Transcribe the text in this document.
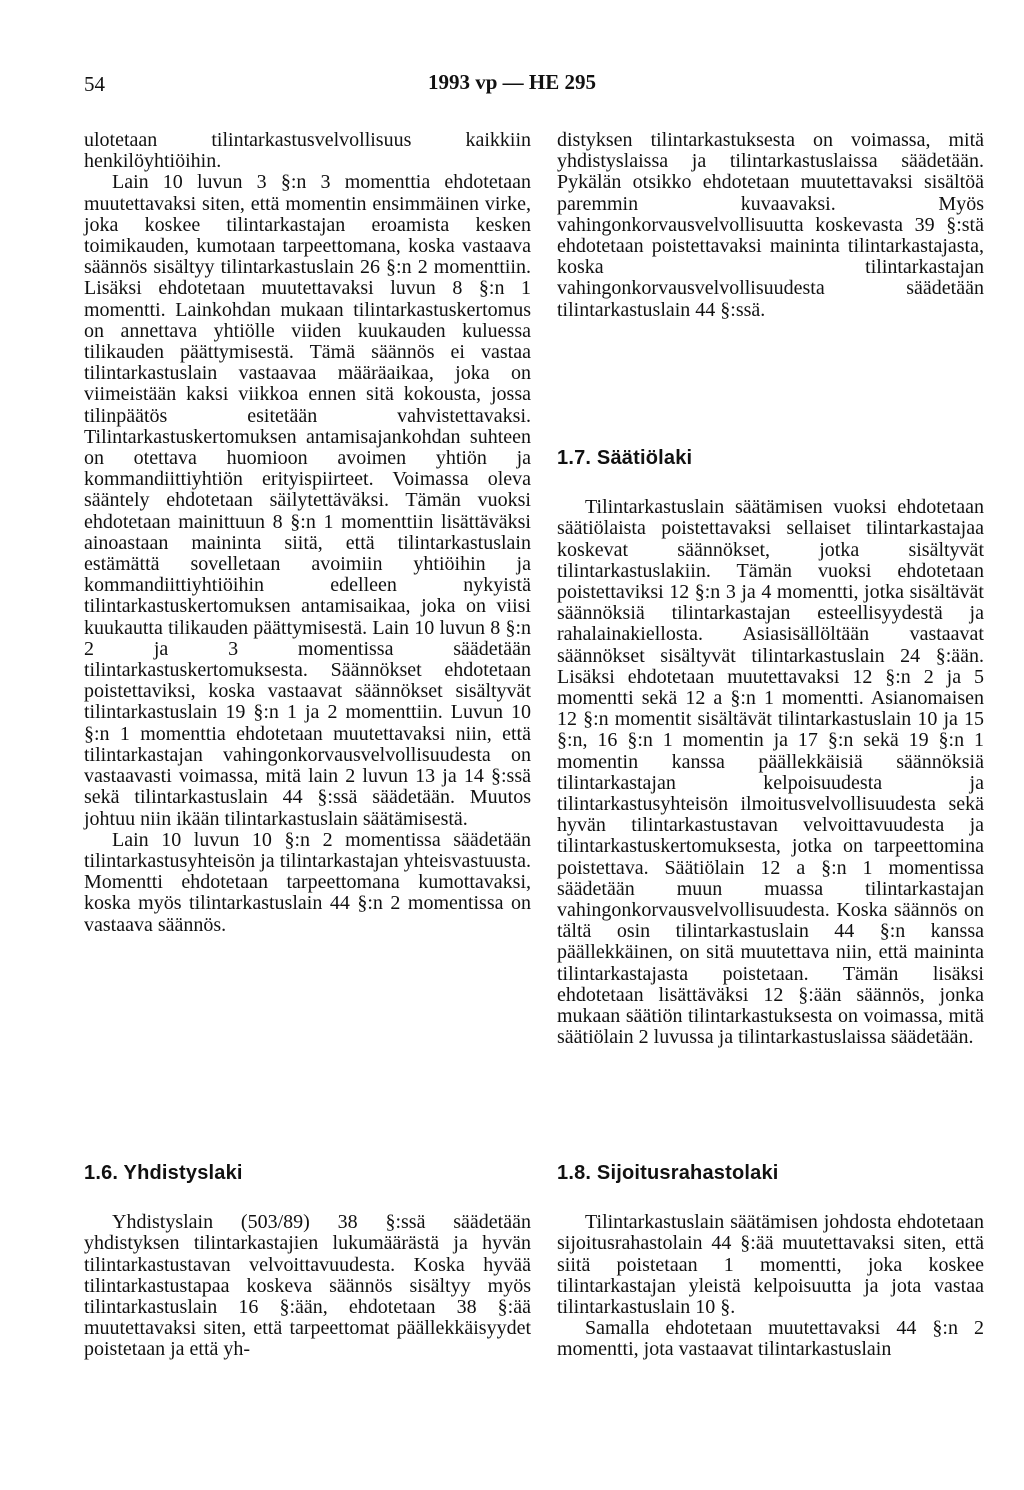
54	1993 vp — HE 295

ulotetaan tilintarkastusvelvollisuus kaikkiin henkilöyhtiöihin.

Lain 10 luvun 3 §:n 3 momenttia ehdotetaan muutettavaksi siten, että momentin ensimmäinen virke, joka koskee tilintarkastajan eroamista kesken toimikauden, kumotaan tarpeettomana, koska vastaava säännös sisältyy tilintarkastuslain 26 §:n 2 momenttiin. Lisäksi ehdotetaan muutettavaksi luvun 8 §:n 1 momentti. Lainkohdan mukaan tilintarkastuskertomus on annettava yhtiölle viiden kuukauden kuluessa tilikauden päättymisestä. Tämä säännös ei vastaa tilintarkastuslain vastaavaa määräaikaa, joka on viimeistään kaksi viikkoa ennen sitä kokousta, jossa tilinpäätös esitetään vahvistettavaksi. Tilintarkastuskertomuksen antamisajankohdan suhteen on otettava huomioon avoimen yhtiön ja kommandiittiyhtiön erityispiirteet. Voimassa oleva sääntely ehdotetaan säilytettäväksi. Tämän vuoksi ehdotetaan mainittuun 8 §:n 1 momenttiin lisättäväksi ainoastaan maininta siitä, että tilintarkastuslain estämättä sovelletaan avoimiin yhtiöihin ja kommandiittiyhtiöihin edelleen nykyistä tilintarkastuskertomuksen antamisaikaa, joka on viisi kuukautta tilikauden päättymisestä. Lain 10 luvun 8 §:n 2 ja 3 momentissa säädetään tilintarkastuskertomuksesta. Säännökset ehdotetaan poistettaviksi, koska vastaavat säännökset sisältyvät tilintarkastuslain 19 §:n 1 ja 2 momenttiin. Luvun 10 §:n 1 momenttia ehdotetaan muutettavaksi niin, että tilintarkastajan vahingonkorvausvelvollisuudesta on vastaavasti voimassa, mitä lain 2 luvun 13 ja 14 §:ssä sekä tilintarkastuslain 44 §:ssä säädetään. Muutos johtuu niin ikään tilintarkastuslain säätämisestä.

Lain 10 luvun 10 §:n 2 momentissa säädetään tilintarkastusyhteisön ja tilintarkastajan yhteisvastuusta. Momentti ehdotetaan tarpeettomana kumottavaksi, koska myös tilintarkastuslain 44 §:n 2 momentissa on vastaava säännös.

distyksen tilintarkastuksesta on voimassa, mitä yhdistyslaissa ja tilintarkastuslaissa säädetään. Pykälän otsikko ehdotetaan muutettavaksi sisältöä paremmin kuvaavaksi. Myös vahingonkorvausvelvollisuutta koskevasta 39 §:stä ehdotetaan poistettavaksi maininta tilintarkastajasta, koska tilintarkastajan vahingonkorvausvelvollisuudesta säädetään tilintarkastuslain 44 §:ssä.

1.7. Säätiölaki

Tilintarkastuslain säätämisen vuoksi ehdotetaan säätiölaista poistettavaksi sellaiset tilintarkastajaa koskevat säännökset, jotka sisältyvät tilintarkastuslakiin. Tämän vuoksi ehdotetaan poistettaviksi 12 §:n 3 ja 4 momentti, jotka sisältävät säännöksiä tilintarkastajan esteellisyydestä ja rahalainakiellosta. Asiasisällöltään vastaavat säännökset sisältyvät tilintarkastuslain 24 §:ään. Lisäksi ehdotetaan muutettavaksi 12 §:n 2 ja 5 momentti sekä 12 a §:n 1 momentti. Asianomaisen 12 §:n momentit sisältävät tilintarkastuslain 10 ja 15 §:n, 16 §:n 1 momentin ja 17 §:n sekä 19 §:n 1 momentin kanssa päällekkäisiä säännöksiä tilintarkastajan kelpoisuudesta ja tilintarkastusyhteisön ilmoitusvelvollisuudesta sekä hyvän tilintarkastustavan velvoittavuudesta ja tilintarkastuskertomuksesta, jotka on tarpeettomina poistettava. Säätiölain 12 a §:n 1 momentissa säädetään muun muassa tilintarkastajan vahingonkorvausvelvollisuudesta. Koska säännös on tältä osin tilintarkastuslain 44 §:n kanssa päällekkäinen, on sitä muutettava niin, että maininta tilintarkastajasta poistetaan. Tämän lisäksi ehdotetaan lisättäväksi 12 §:ään säännös, jonka mukaan säätiön tilintarkastuksesta on voimassa, mitä säätiölain 2 luvussa ja tilintarkastuslaissa säädetään.

1.6. Yhdistyslaki

Yhdistyslain (503/89) 38 §:ssä säädetään yhdistyksen tilintarkastajien lukumäärästä ja hyvän tilintarkastustavan velvoittavuudesta. Koska hyvää tilintarkastustapaa koskeva säännös sisältyy myös tilintarkastuslain 16 §:ään, ehdotetaan 38 §:ää muutettavaksi siten, että tarpeettomat päällekkäisyydet poistetaan ja että yh-

1.8. Sijoitusrahastolaki

Tilintarkastuslain säätämisen johdosta ehdotetaan sijoitusrahastolain 44 §:ää muutettavaksi siten, että siitä poistetaan 1 momentti, joka koskee tilintarkastajan yleistä kelpoisuutta ja jota vastaa tilintarkastuslain 10 §.

Samalla ehdotetaan muutettavaksi 44 §:n 2 momentti, jota vastaavat tilintarkastuslain
